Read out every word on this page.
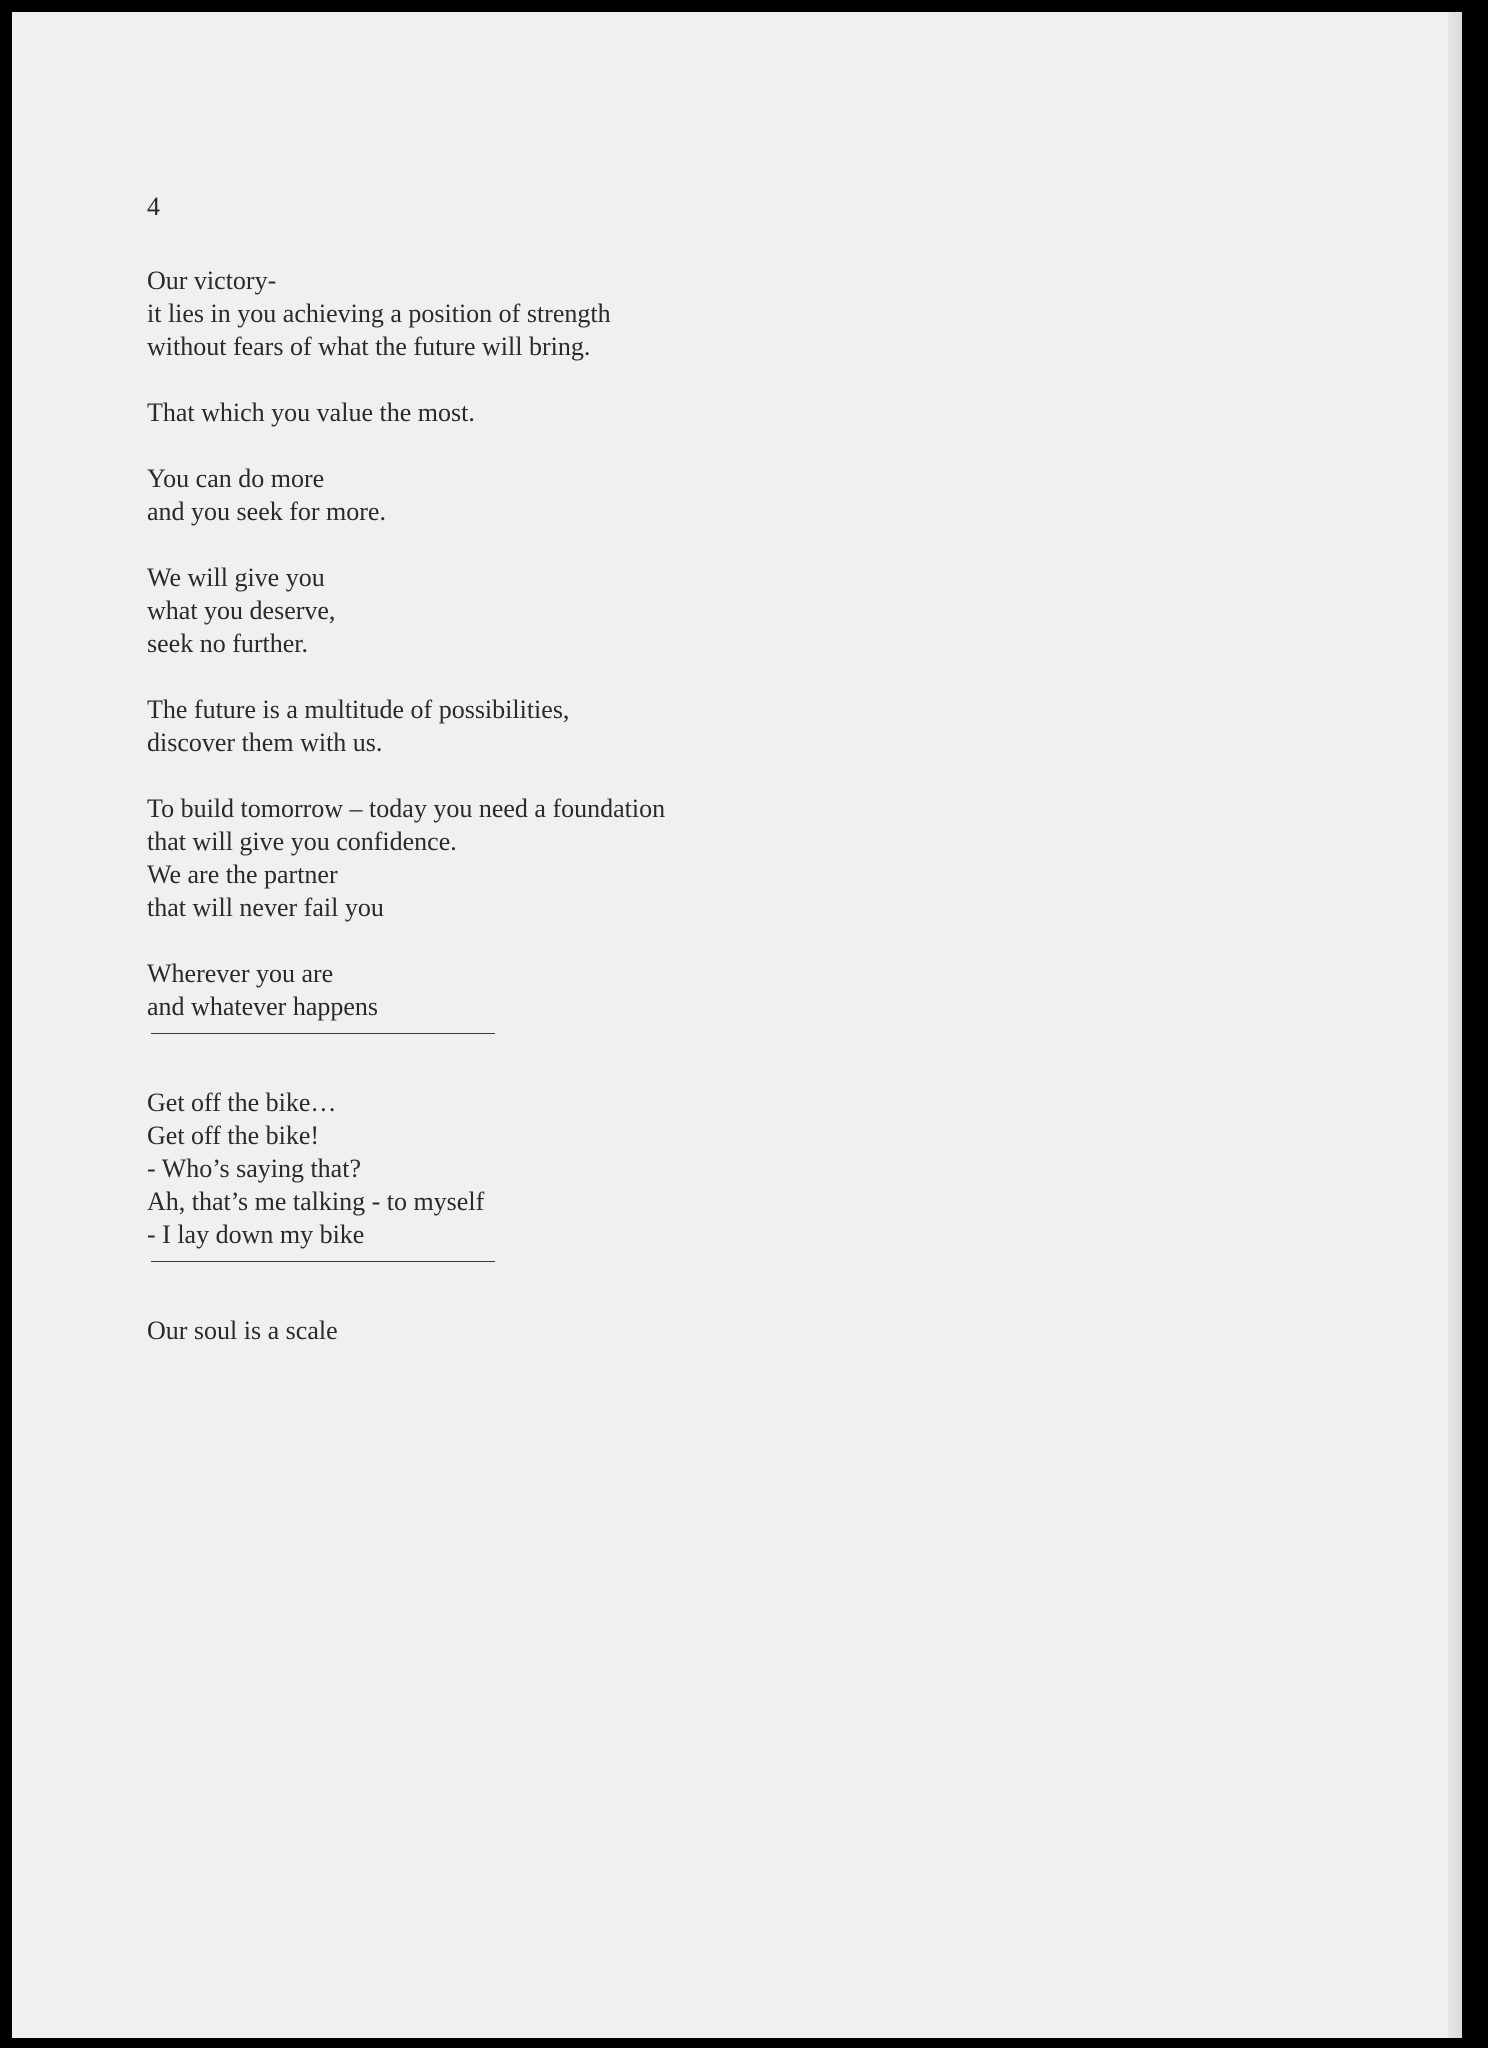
4
Our victory-
it lies in you achieving a position of strength
without fears of what the future will bring.
That which you value the most.
You can do more
and you seek for more.
We will give you
what you deserve,
seek no further.
The future is a multitude of possibilities,
discover them with us.
To build tomorrow – today you need a foundation
that will give you confidence.
We are the partner
that will never fail you
Wherever you are
and whatever happens
Get off the bike…
Get off the bike!
- Who’s saying that?
Ah, that’s me talking - to myself
- I lay down my bike
Our soul is a scale
